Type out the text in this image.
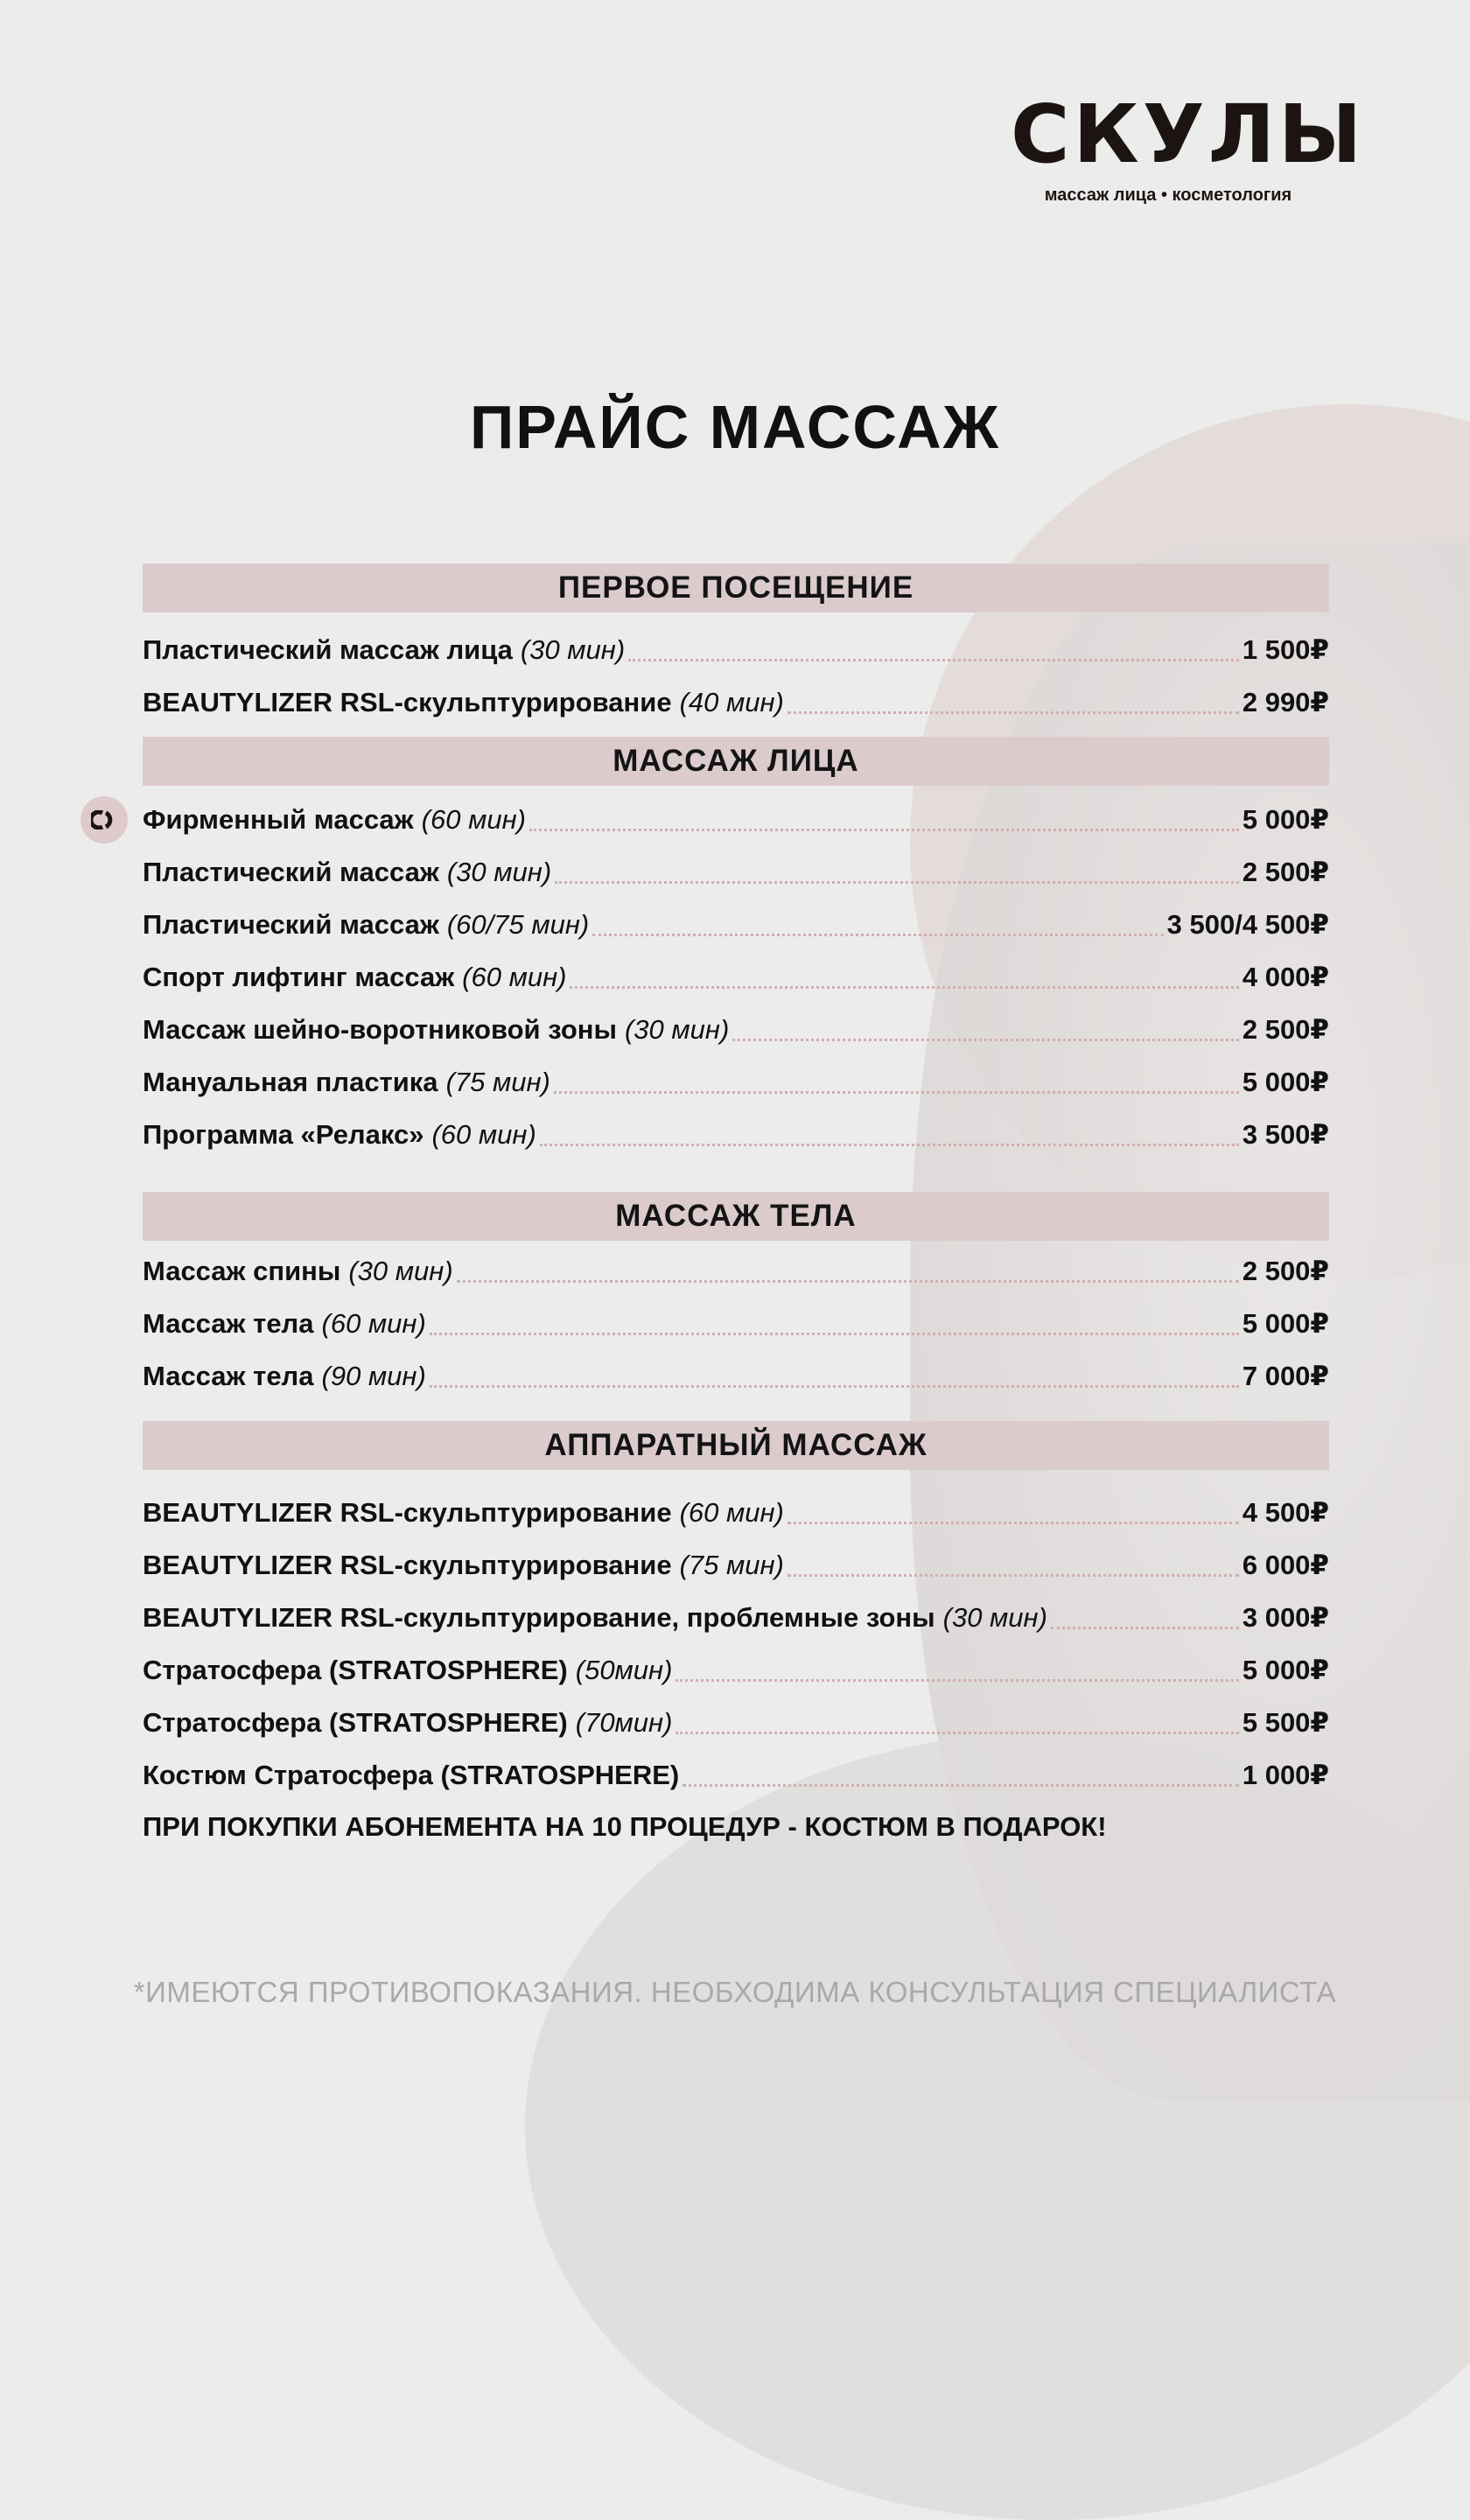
СКУЛЫ
массаж лица • косметология
ПРАЙС МАССАЖ
ПЕРВОЕ ПОСЕЩЕНИЕ
Пластический массаж лица (30 мин)	1 500₽
BEAUTYLIZER RSL-скульптурирование (40 мин)	2 990₽
МАССАЖ ЛИЦА
Фирменный массаж (60 мин)	5 000₽
Пластический массаж (30 мин)	2 500₽
Пластический массаж (60/75 мин)	3 500/4 500₽
Спорт лифтинг массаж (60 мин)	4 000₽
Массаж шейно-воротниковой зоны (30 мин)	2 500₽
Мануальная пластика (75 мин)	5 000₽
Программа «Релакс» (60 мин)	3 500₽
МАССАЖ ТЕЛА
Массаж спины (30 мин)	2 500₽
Массаж тела (60 мин)	5 000₽
Массаж тела (90 мин)	7 000₽
АППАРАТНЫЙ МАССАЖ
BEAUTYLIZER RSL-скульптурирование (60 мин)	4 500₽
BEAUTYLIZER RSL-скульптурирование (75 мин)	6 000₽
BEAUTYLIZER RSL-скульптурирование, проблемные зоны (30 мин)	3 000₽
Стратосфера (STRATOSPHERE) (50мин)	5 000₽
Стратосфера (STRATOSPHERE) (70мин)	5 500₽
Костюм Стратосфера (STRATOSPHERE)	1 000₽
ПРИ ПОКУПКИ АБОНЕМЕНТА НА 10 ПРОЦЕДУР - КОСТЮМ В ПОДАРОК!
*ИМЕЮТСЯ ПРОТИВОПОКАЗАНИЯ. НЕОБХОДИМА КОНСУЛЬТАЦИЯ СПЕЦИАЛИСТА
